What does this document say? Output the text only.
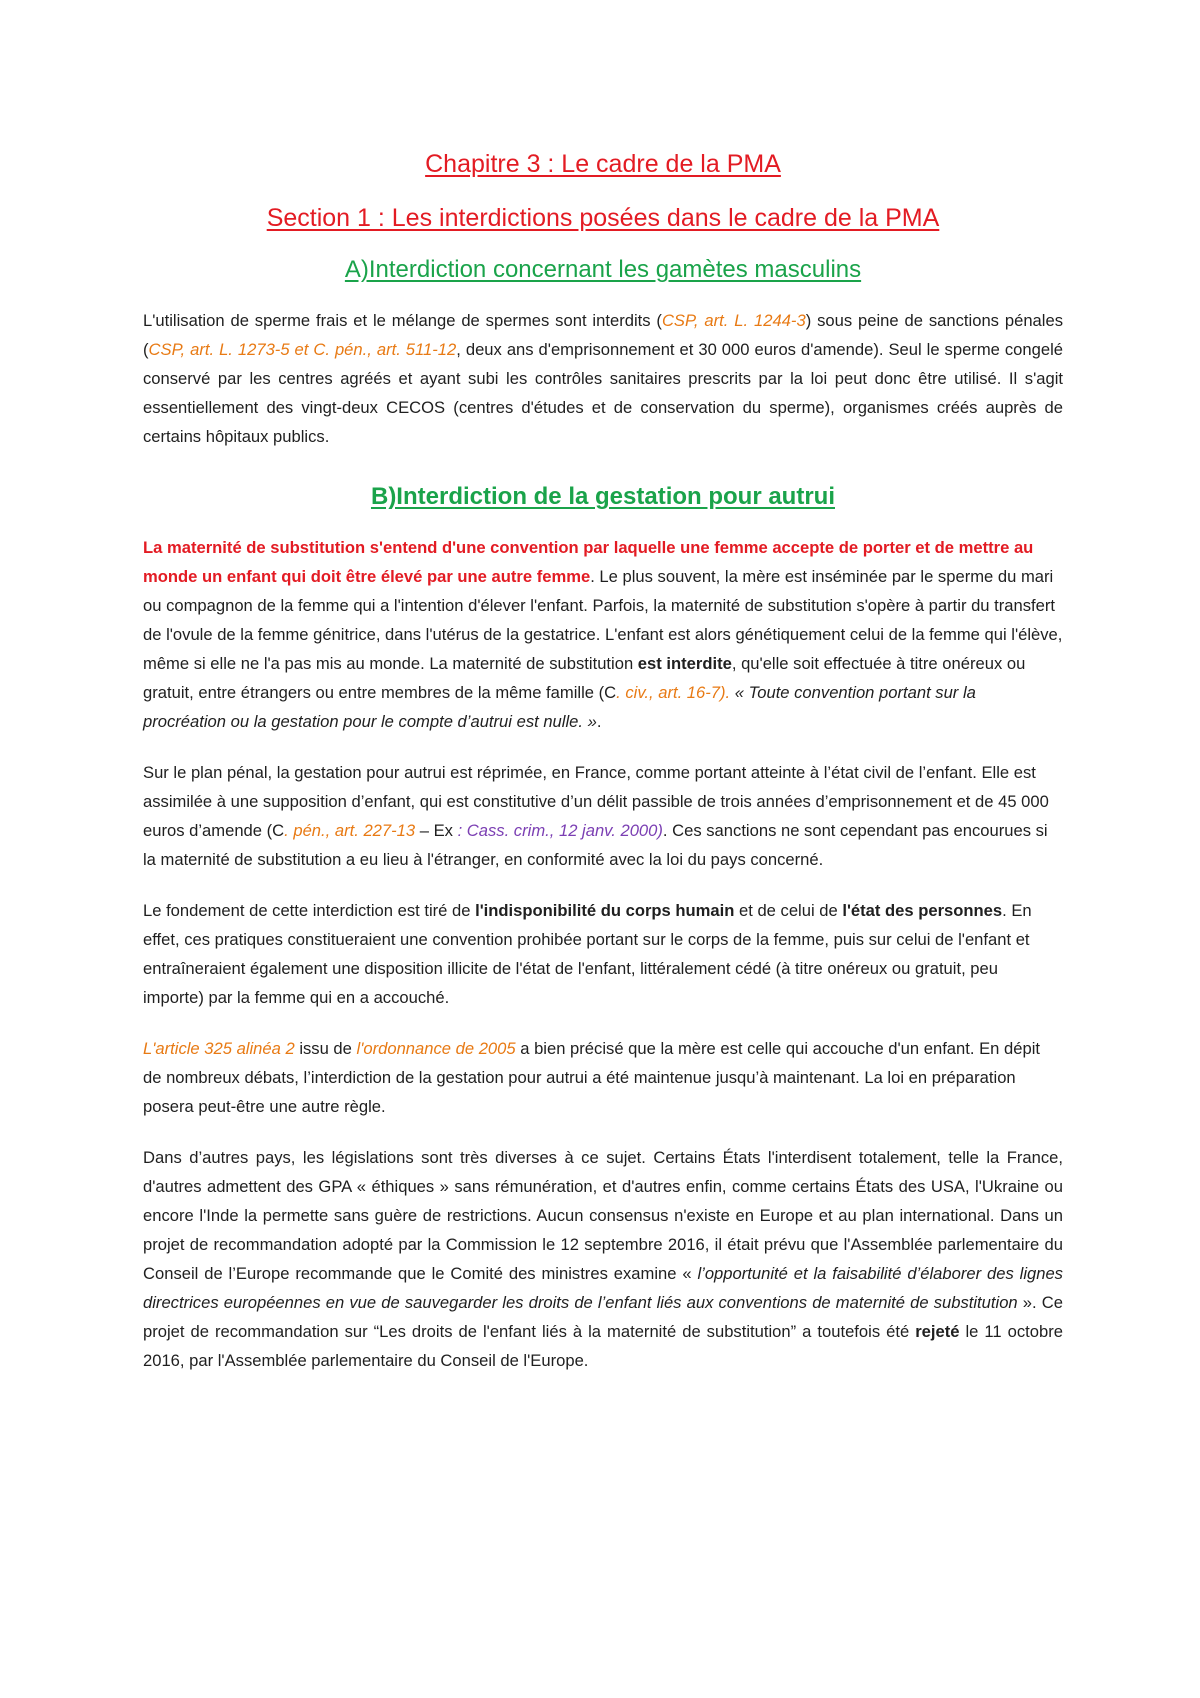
Chapitre 3 : Le cadre de la PMA
Section 1 : Les interdictions posées dans le cadre de la PMA
A)Interdiction concernant les gamètes masculins

L'utilisation de sperme frais et le mélange de spermes sont interdits (CSP, art. L. 1244-3) sous peine de sanctions pénales (CSP, art. L. 1273-5 et C. pén., art. 511-12, deux ans d'emprisonnement et 30 000 euros d'amende). Seul le sperme congelé conservé par les centres agréés et ayant subi les contrôles sanitaires prescrits par la loi peut donc être utilisé. Il s'agit essentiellement des vingt-deux CECOS (centres d'études et de conservation du sperme), organismes créés auprès de certains hôpitaux publics.

B)Interdiction de la gestation pour autrui

La maternité de substitution s'entend d'une convention par laquelle une femme accepte de porter et de mettre au monde un enfant qui doit être élevé par une autre femme. Le plus souvent, la mère est inséminée par le sperme du mari ou compagnon de la femme qui a l'intention d'élever l'enfant. Parfois, la maternité de substitution s'opère à partir du transfert de l'ovule de la femme génitrice, dans l'utérus de la gestatrice. L'enfant est alors génétiquement celui de la femme qui l'élève, même si elle ne l'a pas mis au monde. La maternité de substitution est interdite, qu'elle soit effectuée à titre onéreux ou gratuit, entre étrangers ou entre membres de la même famille (C. civ., art. 16-7). « Toute convention portant sur la procréation ou la gestation pour le compte d’autrui est nulle. ».

Sur le plan pénal, la gestation pour autrui est réprimée, en France, comme portant atteinte à l’état civil de l’enfant. Elle est assimilée à une supposition d’enfant, qui est constitutive d’un délit passible de trois années d’emprisonnement et de 45 000 euros d’amende (C. pén., art. 227-13 – Ex : Cass. crim., 12 janv. 2000). Ces sanctions ne sont cependant pas encourues si la maternité de substitution a eu lieu à l'étranger, en conformité avec la loi du pays concerné.

Le fondement de cette interdiction est tiré de l'indisponibilité du corps humain et de celui de l'état des personnes. En effet, ces pratiques constitueraient une convention prohibée portant sur le corps de la femme, puis sur celui de l'enfant et entraîneraient également une disposition illicite de l'état de l'enfant, littéralement cédé (à titre onéreux ou gratuit, peu importe) par la femme qui en a accouché.

L'article 325 alinéa 2 issu de l'ordonnance de 2005 a bien précisé que la mère est celle qui accouche d'un enfant. En dépit de nombreux débats, l’interdiction de la gestation pour autrui a été maintenue jusqu’à maintenant. La loi en préparation posera peut-être une autre règle.

Dans d’autres pays, les législations sont très diverses à ce sujet. Certains États l'interdisent totalement, telle la France, d'autres admettent des GPA « éthiques » sans rémunération, et d'autres enfin, comme certains États des USA, l'Ukraine ou encore l'Inde la permette sans guère de restrictions. Aucun consensus n'existe en Europe et au plan international. Dans un projet de recommandation adopté par la Commission le 12 septembre 2016, il était prévu que l'Assemblée parlementaire du Conseil de l’Europe recommande que le Comité des ministres examine « l’opportunité et la faisabilité d’élaborer des lignes directrices européennes en vue de sauvegarder les droits de l’enfant liés aux conventions de maternité de substitution ». Ce projet de recommandation sur “Les droits de l'enfant liés à la maternité de substitution” a toutefois été rejeté le 11 octobre 2016, par l'Assemblée parlementaire du Conseil de l'Europe.
